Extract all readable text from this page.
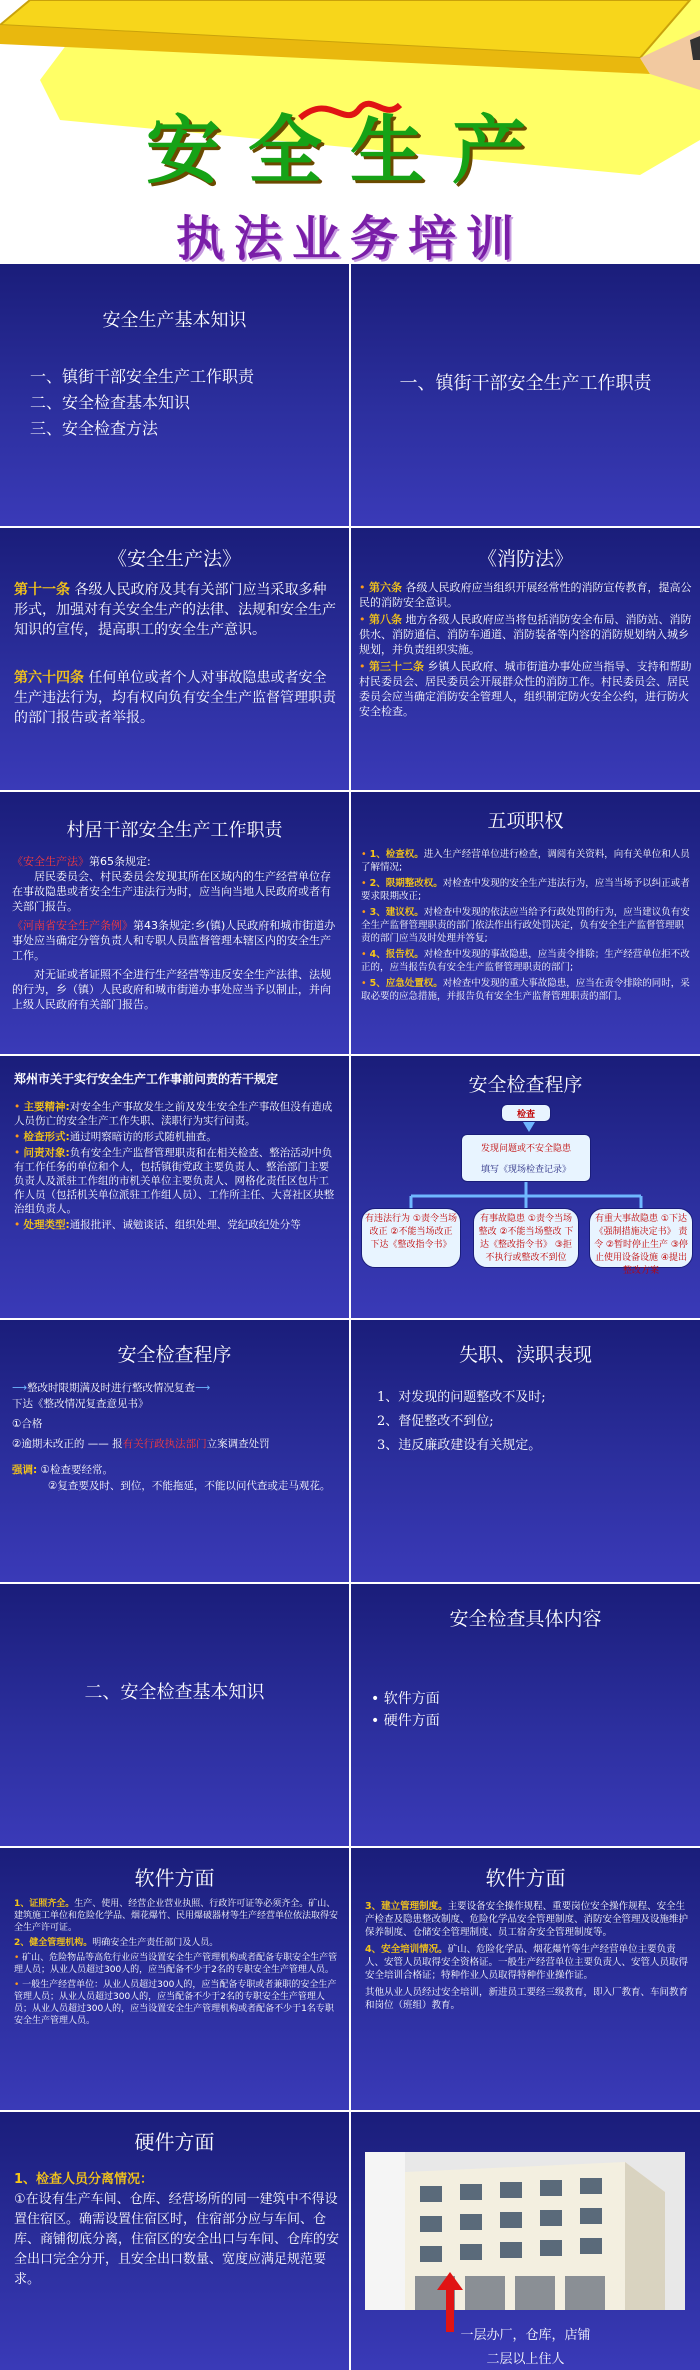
安全生产
执法业务培训
安全生产基本知识
一、镇街干部安全生产工作职责
二、安全检查基本知识
三、安全检查方法
一、镇街干部安全生产工作职责
《安全生产法》
第十一条 各级人民政府及其有关部门应当采取多种形式，加强对有关安全生产的法律、法规和安全生产知识的宣传，提高职工的安全生产意识。
第六十四条 任何单位或者个人对事故隐患或者安全生产违法行为，均有权向负有安全生产监督管理职责的部门报告或者举报。
《消防法》
• 第六条 各级人民政府应当组织开展经常性的消防宣传教育，提高公民的消防安全意识。
• 第八条 地方各级人民政府应当将包括消防安全布局、消防站、消防供水、消防通信、消防车通道、消防装备等内容的消防规划纳入城乡规划，并负责组织实施。
• 第三十二条 乡镇人民政府、城市街道办事处应当指导、支持和帮助村民委员会、居民委员会开展群众性的消防工作。村民委员会、居民委员会应当确定消防安全管理人，组织制定防火安全公约，进行防火安全检查。
村居干部安全生产工作职责
《安全生产法》第65条规定:
居民委员会、村民委员会发现其所在区域内的生产经营单位存在事故隐患或者安全生产违法行为时，应当向当地人民政府或者有关部门报告。
《河南省安全生产条例》第43条规定:乡(镇)人民政府和城市街道办事处应当确定分管负责人和专职人员监督管理本辖区内的安全生产工作。
对无证或者证照不全进行生产经营等违反安全生产法律、法规的行为，乡（镇）人民政府和城市街道办事处应当予以制止，并向上级人民政府有关部门报告。
五项职权
• 1、检查权。进入生产经营单位进行检查，调阅有关资料，向有关单位和人员了解情况;
• 2、限期整改权。对检查中发现的安全生产违法行为，应当当场予以纠正或者要求限期改正;
• 3、建议权。对检查中发现的依法应当给予行政处罚的行为，应当建议负有安全生产监督管理职责的部门依法作出行政处罚决定，负有安全生产监督管理职责的部门应当及时处理并答复;
• 4、报告权。对检查中发现的事故隐患，应当责令排除；生产经营单位拒不改正的，应当报告负有安全生产监督管理职责的部门;
• 5、应急处置权。对检查中发现的重大事故隐患，应当在责令排除的同时，采取必要的应急措施，并报告负有安全生产监督管理职责的部门。
郑州市关于实行安全生产工作事前问责的若干规定
• 主要精神:对安全生产事故发生之前及发生安全生产事故但没有造成人员伤亡的安全生产工作失职、渎职行为实行问责。
• 检查形式:通过明察暗访的形式随机抽查。
• 问责对象:负有安全生产监督管理职责和在相关检查、整治活动中负有工作任务的单位和个人，包括镇街党政主要负责人、整治部门主要负责人及派驻工作组的市机关单位主要负责人、网格化责任区包片工作人员（包括机关单位派驻工作组人员）、工作所主任、大喜社区块整治组负责人。
• 处理类型:通报批评、诫勉谈话、组织处理、党纪政纪处分等
安全检查程序
检查
发现问题或不安全隐患
填写《现场检查记录》
有违法行为 ①责令当场改正 ②不能当场改正 下达《整改指令书》
有事故隐患 ①责令当场整改 ②不能当场整改 下达《整改指令书》 ③拒不执行或整改不到位
有重大事故隐患 ①下达《强制措施决定书》 责令 ②暂时停止生产 ③停止使用设备设施 ④提出整改方案
安全检查程序
⟶整改时限期满及时进行整改情况复查⟶下达《整改情况复查意见书》
①合格
②逾期未改正的 —— 报有关行政执法部门立案调查处罚
强调: ①检查要经常。
②复查要及时、到位，不能拖延，不能以问代查或走马观花。
失职、渎职表现
1、对发现的问题整改不及时;
2、督促整改不到位;
3、违反廉政建设有关规定。
二、安全检查基本知识
安全检查具体内容
• 软件方面
• 硬件方面
软件方面
1、证照齐全。生产、使用、经营企业营业执照、行政许可证等必须齐全。矿山、建筑施工单位和危险化学品、烟花爆竹、民用爆破器材等生产经营单位依法取得安全生产许可证。
2、健全管理机构。明确安全生产责任部门及人员。
• 矿山、危险物品等高危行业应当设置安全生产管理机构或者配备专职安全生产管理人员；从业人员超过300人的，应当配备不少于2名的专职安全生产管理人员。
• 一般生产经营单位：从业人员超过300人的，应当配备专职或者兼职的安全生产管理人员；从业人员超过300人的，应当配备不少于2名的专职安全生产管理人员；从业人员超过300人的，应当设置安全生产管理机构或者配备不少于1名专职安全生产管理人员。
软件方面
3、建立管理制度。主要设备安全操作规程、重要岗位安全操作规程、安全生产检查及隐患整改制度、危险化学品安全管理制度、消防安全管理及设施维护保养制度、仓储安全管理制度、员工宿舍安全管理制度等。
4、安全培训情况。矿山、危险化学品、烟花爆竹等生产经营单位主要负责人、安管人员取得安全资格证。一般生产经营单位主要负责人、安管人员取得安全培训合格证；特种作业人员取得特种作业操作证。
其他从业人员经过安全培训，新进员工要经三级教育，即入厂教育、车间教育和岗位（班组）教育。
硬件方面
1、检查人员分离情况：
①在设有生产车间、仓库、经营场所的同一建筑中不得设置住宿区。确需设置住宿区时，住宿部分应与车间、仓库、商铺彻底分离，住宿区的安全出口与车间、仓库的安全出口完全分开，且安全出口数量、宽度应满足规范要求。
一层办厂，仓库，店铺
二层以上住人
